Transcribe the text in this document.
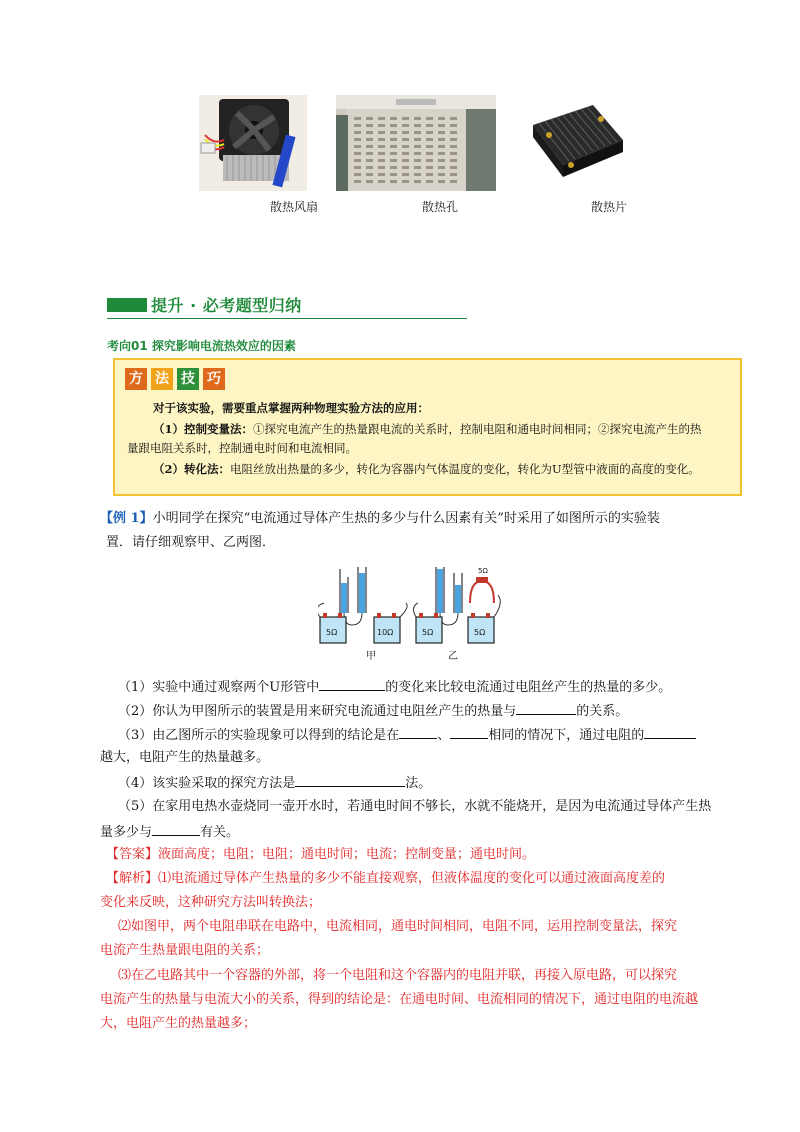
散热风扇	散热孔	散热片
提升 · 必考题型归纳
考向01 探究影响电流热效应的因素
方 法 技 巧
对于该实验，需要重点掌握两种物理实验方法的应用：
（1）控制变量法：①探究电流产生的热量跟电流的关系时，控制电阻和通电时间相同；②探究电流产生的热
量跟电阻关系时，控制通电时间和电流相同。
（2）转化法：电阻丝放出热量的多少，转化为容器内气体温度的变化，转化为U型管中液面的高度的变化。
【例 1】小明同学在探究“电流通过导体产生热的多少与什么因素有关”时采用了如图所示的实验装
置．请仔细观察甲、乙两图．
5Ω
5Ω	10Ω	5Ω	5Ω
甲	乙
（1）实验中通过观察两个U形管中	的变化来比较电流通过电阻丝产生的热量的多少。
（2）你认为甲图所示的装置是用来研究电流通过电阻丝产生的热量与	的关系。
（3）由乙图所示的实验现象可以得到的结论是在	、	相同的情况下，通过电阻的
越大，电阻产生的热量越多。
（4）该实验采取的探究方法是	法。
（5）在家用电热水壶烧同一壶开水时，若通电时间不够长，水就不能烧开，是因为电流通过导体产生热
量多少与	有关。
【答案】液面高度；电阻；电阻；通电时间；电流；控制变量；通电时间。
【解析】⑴电流通过导体产生热量的多少不能直接观察，但液体温度的变化可以通过液面高度差的
变化来反映，这种研究方法叫转换法；
⑵如图甲，两个电阻串联在电路中，电流相同，通电时间相同，电阻不同，运用控制变量法，探究
电流产生热量跟电阻的关系；
⑶在乙电路其中一个容器的外部，将一个电阻和这个容器内的电阻并联，再接入原电路，可以探究
电流产生的热量与电流大小的关系，得到的结论是：在通电时间、电流相同的情况下，通过电阻的电流越
大，电阻产生的热量越多；
